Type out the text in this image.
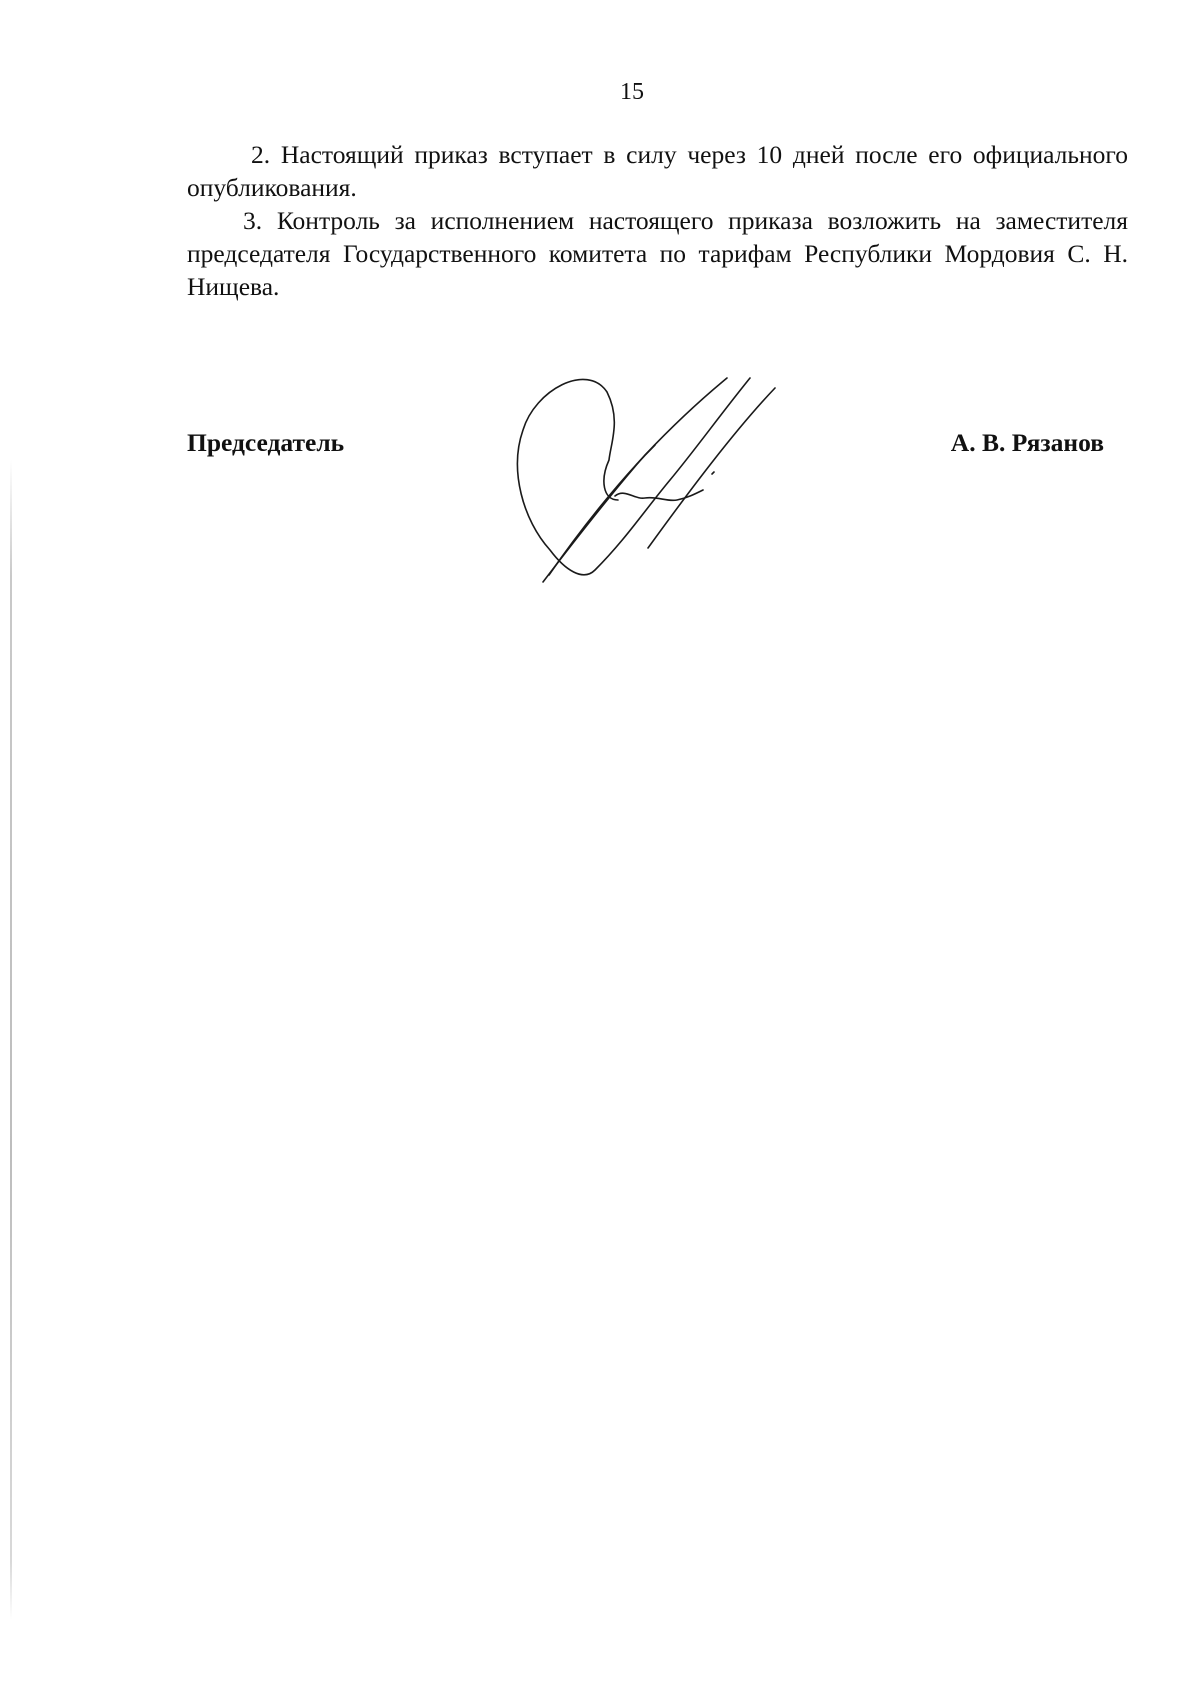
15

2. Настоящий приказ вступает в силу через 10 дней после его официального опубликования.

3. Контроль за исполнением настоящего приказа возложить на заместителя председателя Государственного комитета по тарифам Республики Мордовия С. Н. Нищева.

Председатель	А. В. Рязанов
